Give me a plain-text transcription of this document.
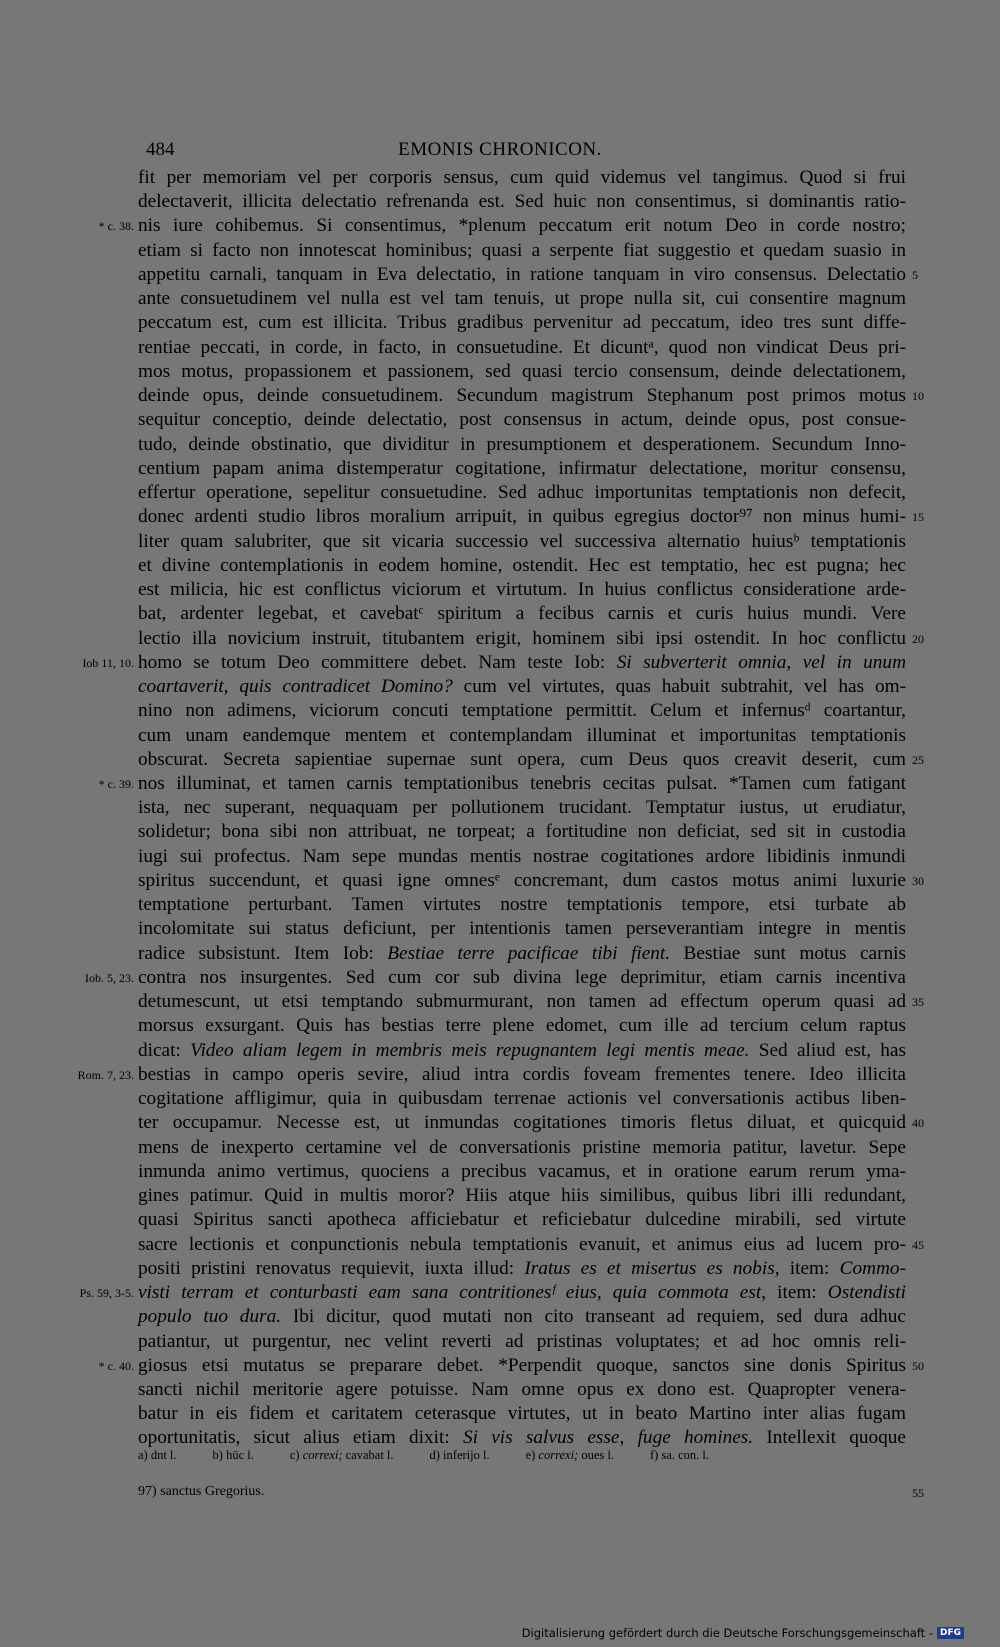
484	EMONIS CHRONICON.
fit per memoriam vel per corporis sensus, cum quid videmus vel tangimus. Quod si frui
delectaverit, illicita delectatio refrenanda est. Sed huic non consentimus, si dominantis ratio-
nis iure cohibemus. Si consentimus, *plenum peccatum erit notum Deo in corde nostro;
etiam si facto non innotescat hominibus; quasi a serpente fiat suggestio et quedam suasio in
appetitu carnali, tanquam in Eva delectatio, in ratione tanquam in viro consensus. Delectatio
ante consuetudinem vel nulla est vel tam tenuis, ut prope nulla sit, cui consentire magnum
peccatum est, cum est illicita. Tribus gradibus pervenitur ad peccatum, ideo tres sunt diffe-
rentiae peccati, in corde, in facto, in consuetudine. Et dicuntᵃ, quod non vindicat Deus pri-
mos motus, propassionem et passionem, sed quasi tercio consensum, deinde delectationem,
deinde opus, deinde consuetudinem. Secundum magistrum Stephanum post primos motus
sequitur conceptio, deinde delectatio, post consensus in actum, deinde opus, post consue-
tudo, deinde obstinatio, que dividitur in presumptionem et desperationem. Secundum Inno-
centium papam anima distemperatur cogitatione, infirmatur delectatione, moritur consensu,
effertur operatione, sepelitur consuetudine. Sed adhuc importunitas temptationis non defecit,
donec ardenti studio libros moralium arripuit, in quibus egregius doctor⁹⁷ non minus humi-
liter quam salubriter, que sit vicaria successio vel successiva alternatio huiusᵇ temptationis
et divine contemplationis in eodem homine, ostendit. Hec est temptatio, hec est pugna; hec
est milicia, hic est conflictus viciorum et virtutum. In huius conflictus consideratione arde-
bat, ardenter legebat, et cavebatᶜ spiritum a fecibus carnis et curis huius mundi. Vere
lectio illa novicium instruit, titubantem erigit, hominem sibi ipsi ostendit. In hoc conflictu
homo se totum Deo committere debet. Nam teste Iob: Si subverterit omnia, vel in unum
coartaverit, quis contradicet Domino? cum vel virtutes, quas habuit subtrahit, vel has om-
nino non adimens, viciorum concuti temptatione permittit. Celum et infernusᵈ coartantur,
cum unam eandemque mentem et contemplandam illuminat et importunitas temptationis
obscurat. Secreta sapientiae supernae sunt opera, cum Deus quos creavit deserit, cum
nos illuminat, et tamen carnis temptationibus tenebris cecitas pulsat. *Tamen cum fatigant
ista, nec superant, nequaquam per pollutionem trucidant. Temptatur iustus, ut erudiatur,
solidetur; bona sibi non attribuat, ne torpeat; a fortitudine non deficiat, sed sit in custodia
iugi sui profectus. Nam sepe mundas mentis nostrae cogitationes ardore libidinis inmundi
spiritus succendunt, et quasi igne omnesᵉ concremant, dum castos motus animi luxurie
temptatione perturbant. Tamen virtutes nostre temptationis tempore, etsi turbate ab
incolomitate sui status deficiunt, per intentionis tamen perseverantiam integre in mentis
radice subsistunt. Item Iob: Bestiae terre pacificae tibi fient. Bestiae sunt motus carnis
contra nos insurgentes. Sed cum cor sub divina lege deprimitur, etiam carnis incentiva
detumescunt, ut etsi temptando submurmurant, non tamen ad effectum operum quasi ad
morsus exsurgant. Quis has bestias terre plene edomet, cum ille ad tercium celum raptus
dicat: Video aliam legem in membris meis repugnantem legi mentis meae. Sed aliud est, has
bestias in campo operis sevire, aliud intra cordis foveam frementes tenere. Ideo illicita
cogitatione affligimur, quia in quibusdam terrenae actionis vel conversationis actibus liben-
ter occupamur. Necesse est, ut inmundas cogitationes timoris fletus diluat, et quicquid
mens de inexperto certamine vel de conversationis pristine memoria patitur, lavetur. Sepe
inmunda animo vertimus, quociens a precibus vacamus, et in oratione earum rerum yma-
gines patimur. Quid in multis moror? Hiis atque hiis similibus, quibus libri illi redundant,
quasi Spiritus sancti apotheca afficiebatur et reficiebatur dulcedine mirabili, sed virtute
sacre lectionis et conpunctionis nebula temptationis evanuit, et animus eius ad lucem pro-
positi pristini renovatus requievit, iuxta illud: Iratus es et misertus es nobis, item: Commo-
visti terram et conturbasti eam sana contritionesᶠ eius, quia commota est, item: Ostendisti
populo tuo dura. Ibi dicitur, quod mutati non cito transeant ad requiem, sed dura adhuc
patiantur, ut purgentur, nec velint reverti ad pristinas voluptates; et ad hoc omnis reli-
giosus etsi mutatus se preparare debet. *Perpendit quoque, sanctos sine donis Spiritus
sancti nichil meritorie agere potuisse. Nam omne opus ex dono est. Quapropter venera-
batur in eis fidem et caritatem ceterasque virtutes, ut in beato Martino inter alias fugam
oportunitatis, sicut alius etiam dixit: Si vis salvus esse, fuge homines. Intellexit quoque
* c. 38.
Iob 11, 10.
* c. 39.
Iob. 5, 23.
Rom. 7, 23.
Ps. 59, 3-5.
* c. 40.
5
10
15
20
25
30
35
40
45
50
a) dnt l.	b) hūc l.	c) correxi; cavabat l.	d) inferijo l.	e) correxi; oues l.	f) sa. con. l.
97) sanctus Gregorius.	55
Digitalisierung gefördert durch die Deutsche Forschungsgemeinschaft - DFG
